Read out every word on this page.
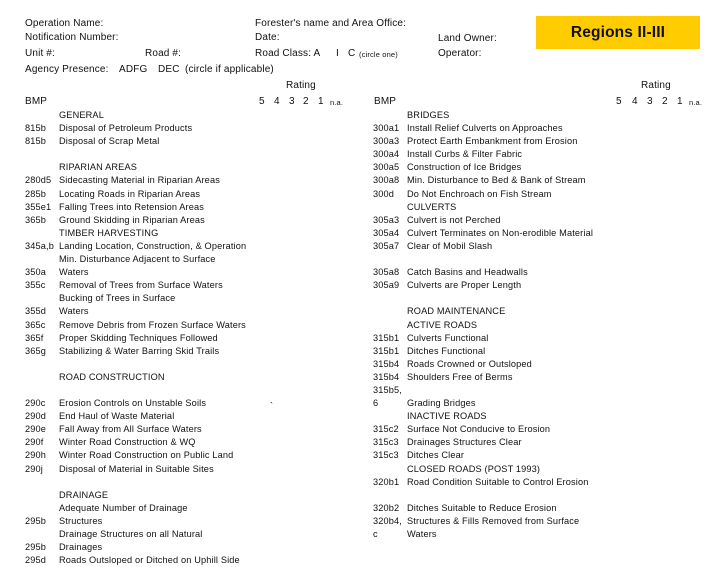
Operation Name:
Notification Number:
Forester's name and Area Office:
Date:	Land Owner:	Regions II-III
Unit #:	Road #:	Road Class: A I C (circle one)	Operator:
Agency Presence: ADFG DEC (circle if applicable)
Rating
BMP	5 4 3 2 1 n.a.
Rating
BMP	5 4 3 2 1 n.a.
GENERAL
815b Disposal of Petroleum Products
815b Disposal of Scrap Metal
RIPARIAN AREAS
280d5 Sidecasting Material in Riparian Areas
285b Locating Roads in Riparian Areas
355e1 Falling Trees into Retension Areas
365b Ground Skidding in Riparian Areas
TIMBER HARVESTING
345a,b Landing Location, Construction, & Operation
Min. Disturbance Adjacent to Surface
350a Waters
355c Removal of Trees from Surface Waters
Bucking of Trees in Surface
355d Waters
365c Remove Debris from Frozen Surface Waters
365f Proper Skidding Techniques Followed
365g Stabilizing & Water Barring Skid Trails
ROAD CONSTRUCTION
290c Erosion Controls on Unstable Soils
290d End Haul of Waste Material
290e Fall Away from All Surface Waters
290f Winter Road Construction & WQ
290h Winter Road Construction on Public Land
290j Disposal of Material in Suitable Sites
DRAINAGE
Adequate Number of Drainage
295b Structures
Drainage Structures on all Natural
295b Drainages
295d Roads Outsloped or Ditched on Uphill Side
`
BRIDGES
300a1 Install Relief Culverts on Approaches
300a3 Protect Earth Embankment from Erosion
300a4 Install Curbs & Filter Fabric
300a5 Construction of Ice Bridges
300a8 Min. Disturbance to Bed & Bank of Stream
300d Do Not Enchroach on Fish Stream
CULVERTS
305a3 Culvert is not Perched
305a4 Culvert Terminates on Non-erodible Material
305a7 Clear of Mobil Slash
305a8 Catch Basins and Headwalls
305a9 Culverts are Proper Length
ROAD MAINTENANCE
ACTIVE ROADS
315b1 Culverts Functional
315b1 Ditches Functional
315b4 Roads Crowned or Outsloped
315b4 Shoulders Free of Berms
315b5,
6	Grading Bridges
INACTIVE ROADS
315c2 Surface Not Conducive to Erosion
315c3 Drainages Structures Clear
315c3 Ditches Clear
CLOSED ROADS (POST 1993)
320b1 Road Condition Suitable to Control Erosion
320b2 Ditches Suitable to Reduce Erosion
320b4, Structures & Fills Removed from Surface
c	Waters
